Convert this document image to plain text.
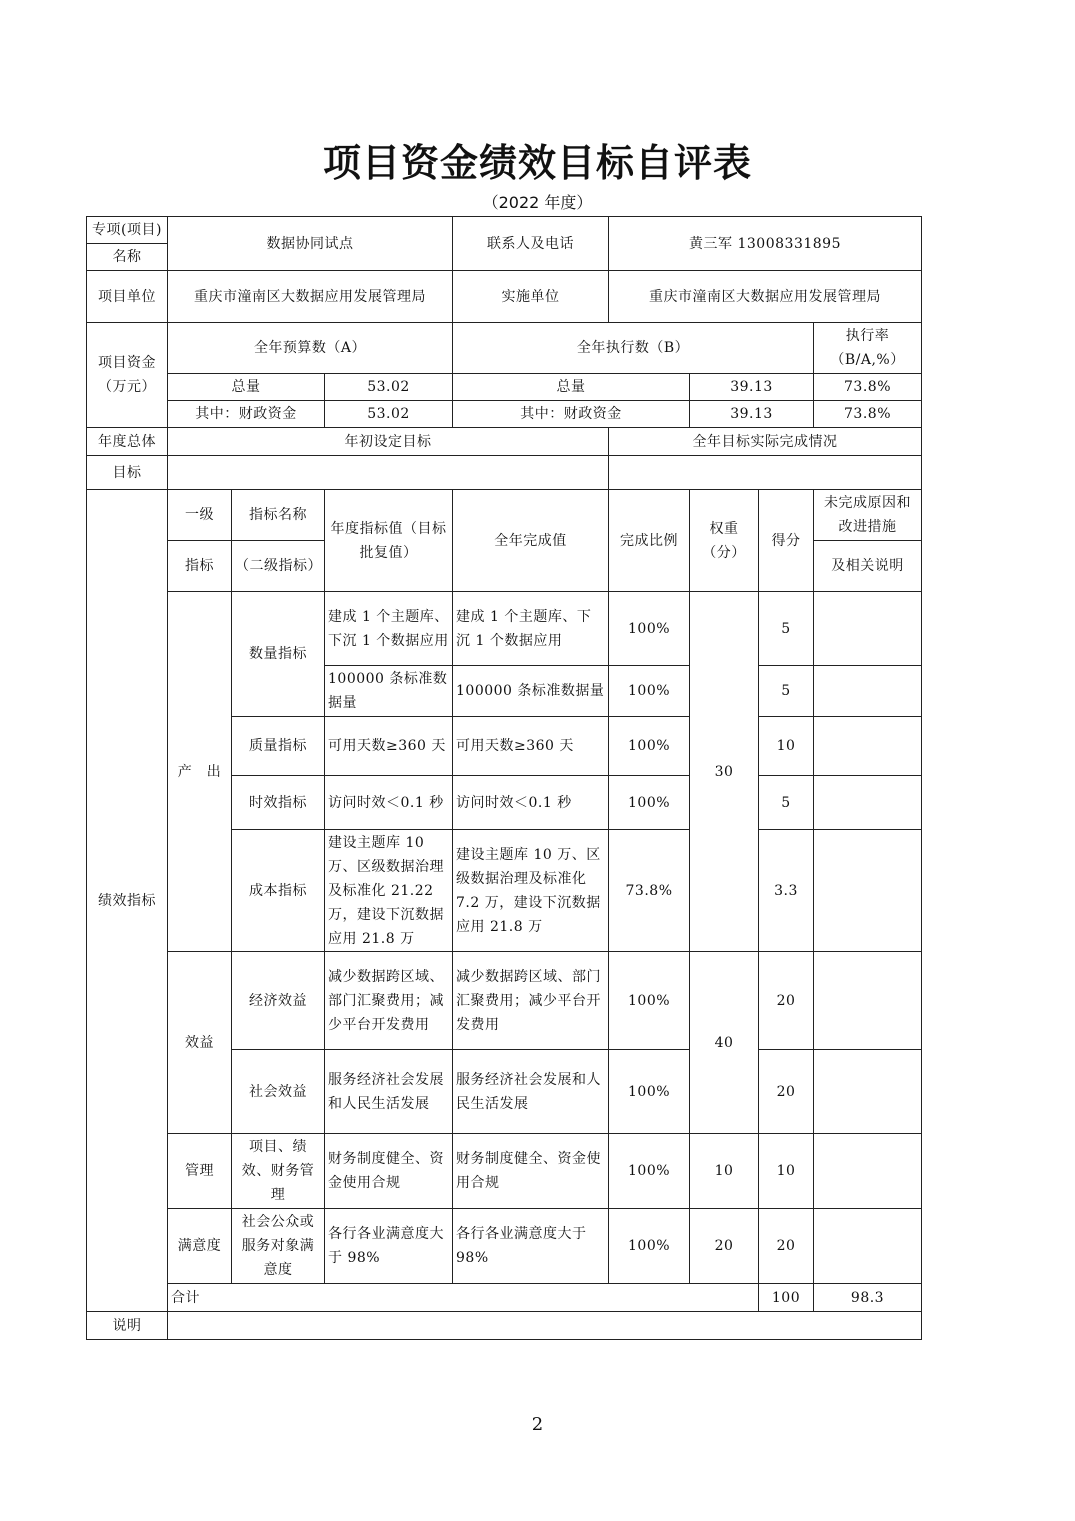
项目资金绩效目标自评表
（2022 年度）
专项(项目)	数据协同试点			联系人及电话	黄三军 13008331895				
名称									
项目单位	重庆市潼南区大数据应用发展管理局			实施单位	重庆市潼南区大数据应用发展管理局				
项目资金（万元）	全年预算数（A）			全年执行数（B）				执行率（B/A,%）	
	总量		53.02	总量		39.13		73.8%	
	其中：财政资金		53.02	其中：财政资金		39.13		73.8%	
年度总体	年初设定目标				全年目标实际完成情况				
目标									
绩效指标	一级	指标名称	年度指标值（目标批复值）	全年完成值	完成比例	权重（分）	得分	未完成原因和改进措施	
	指标	（二级指标）						及相关说明	
	产　出	数量指标	建成 1 个主题库、下沉 1 个数据应用	建成 1 个主题库、下沉 1 个数据应用	100%	30	5		
			100000 条标准数据量	100000 条标准数据量	100%		5		
		质量指标	可用天数≥360 天	可用天数≥360 天	100%		10		
		时效指标	访问时效＜0.1 秒	访问时效＜0.1 秒	100%		5		
		成本指标	建设主题库 10 万、区级数据治理及标准化 21.22 万，建设下沉数据应用 21.8 万	建设主题库 10 万、区级数据治理及标准化 7.2 万，建设下沉数据应用 21.8 万	73.8%		3.3		

	效益	经济效益	减少数据跨区域、部门汇聚费用；减少平台开发费用	减少数据跨区域、部门汇聚费用；减少平台开发费用	100%	40	20		
		社会效益	服务经济社会发展和人民生活发展	服务经济社会发展和人民生活发展	100%		20		
	管理	项目、绩效、财务管理	财务制度健全、资金使用合规	财务制度健全、资金使用合规	100%	10	10		
	满意度	社会公众或服务对象满意度	各行各业满意度大于 98%	各行各业满意度大于 98%	100%	20	20		
	合计						100	98.3	
说明									
2
